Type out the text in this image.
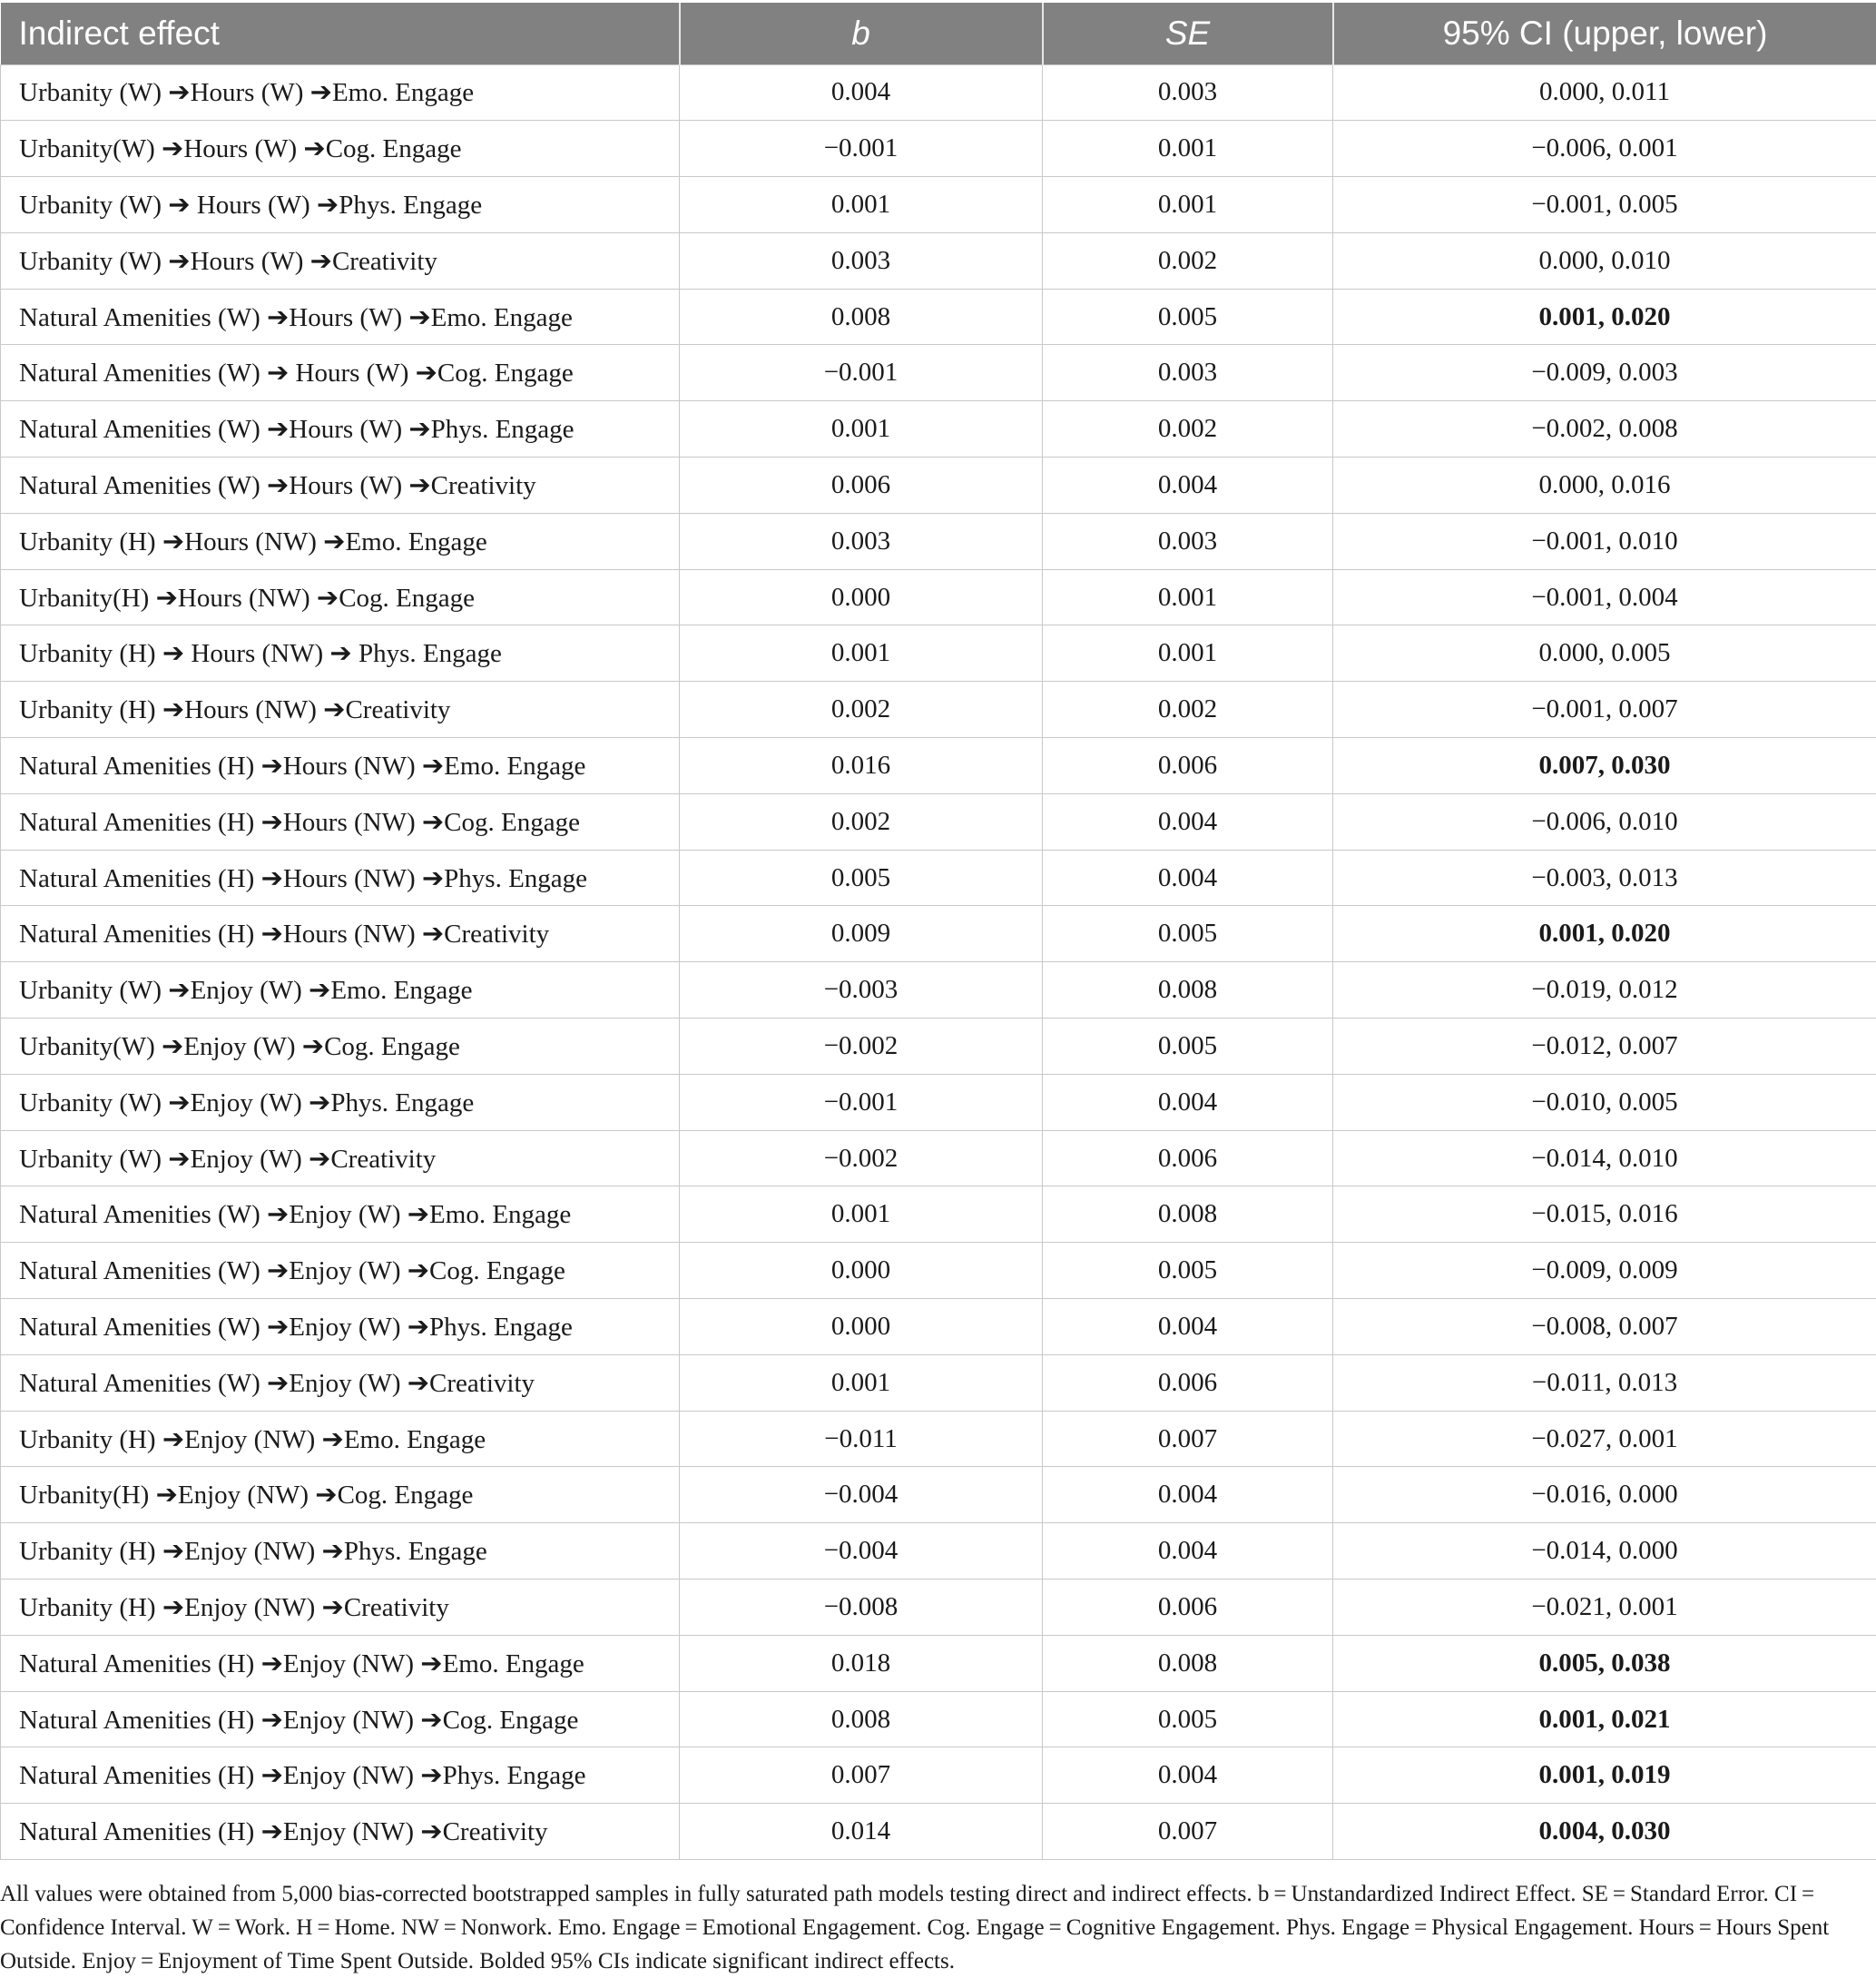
Indirect effect	b	SE	95% CI (upper, lower)
Urbanity (W) ➔Hours (W) ➔Emo. Engage	0.004	0.003	0.000, 0.011
Urbanity(W) ➔Hours (W) ➔Cog. Engage	−0.001	0.001	−0.006, 0.001
Urbanity (W) ➔ Hours (W) ➔Phys. Engage	0.001	0.001	−0.001, 0.005
Urbanity (W) ➔Hours (W) ➔Creativity	0.003	0.002	0.000, 0.010
Natural Amenities (W) ➔Hours (W) ➔Emo. Engage	0.008	0.005	0.001, 0.020
Natural Amenities (W) ➔ Hours (W) ➔Cog. Engage	−0.001	0.003	−0.009, 0.003
Natural Amenities (W) ➔Hours (W) ➔Phys. Engage	0.001	0.002	−0.002, 0.008
Natural Amenities (W) ➔Hours (W) ➔Creativity	0.006	0.004	0.000, 0.016
Urbanity (H) ➔Hours (NW) ➔Emo. Engage	0.003	0.003	−0.001, 0.010
Urbanity(H) ➔Hours (NW) ➔Cog. Engage	0.000	0.001	−0.001, 0.004
Urbanity (H) ➔ Hours (NW) ➔ Phys. Engage	0.001	0.001	0.000, 0.005
Urbanity (H) ➔Hours (NW) ➔Creativity	0.002	0.002	−0.001, 0.007
Natural Amenities (H) ➔Hours (NW) ➔Emo. Engage	0.016	0.006	0.007, 0.030
Natural Amenities (H) ➔Hours (NW) ➔Cog. Engage	0.002	0.004	−0.006, 0.010
Natural Amenities (H) ➔Hours (NW) ➔Phys. Engage	0.005	0.004	−0.003, 0.013
Natural Amenities (H) ➔Hours (NW) ➔Creativity	0.009	0.005	0.001, 0.020
Urbanity (W) ➔Enjoy (W) ➔Emo. Engage	−0.003	0.008	−0.019, 0.012
Urbanity(W) ➔Enjoy (W) ➔Cog. Engage	−0.002	0.005	−0.012, 0.007
Urbanity (W) ➔Enjoy (W) ➔Phys. Engage	−0.001	0.004	−0.010, 0.005
Urbanity (W) ➔Enjoy (W) ➔Creativity	−0.002	0.006	−0.014, 0.010
Natural Amenities (W) ➔Enjoy (W) ➔Emo. Engage	0.001	0.008	−0.015, 0.016
Natural Amenities (W) ➔Enjoy (W) ➔Cog. Engage	0.000	0.005	−0.009, 0.009
Natural Amenities (W) ➔Enjoy (W) ➔Phys. Engage	0.000	0.004	−0.008, 0.007
Natural Amenities (W) ➔Enjoy (W) ➔Creativity	0.001	0.006	−0.011, 0.013
Urbanity (H) ➔Enjoy (NW) ➔Emo. Engage	−0.011	0.007	−0.027, 0.001
Urbanity(H) ➔Enjoy (NW) ➔Cog. Engage	−0.004	0.004	−0.016, 0.000
Urbanity (H) ➔Enjoy (NW) ➔Phys. Engage	−0.004	0.004	−0.014, 0.000
Urbanity (H) ➔Enjoy (NW) ➔Creativity	−0.008	0.006	−0.021, 0.001
Natural Amenities (H) ➔Enjoy (NW) ➔Emo. Engage	0.018	0.008	0.005, 0.038
Natural Amenities (H) ➔Enjoy (NW) ➔Cog. Engage	0.008	0.005	0.001, 0.021
Natural Amenities (H) ➔Enjoy (NW) ➔Phys. Engage	0.007	0.004	0.001, 0.019
Natural Amenities (H) ➔Enjoy (NW) ➔Creativity	0.014	0.007	0.004, 0.030

All values were obtained from 5,000 bias-corrected bootstrapped samples in fully saturated path models testing direct and indirect effects. b = Unstandardized Indirect Effect. SE = Standard Error. CI = Confidence Interval. W = Work. H = Home. NW = Nonwork. Emo. Engage = Emotional Engagement. Cog. Engage = Cognitive Engagement. Phys. Engage = Physical Engagement. Hours = Hours Spent Outside. Enjoy = Enjoyment of Time Spent Outside. Bolded 95% CIs indicate significant indirect effects.
